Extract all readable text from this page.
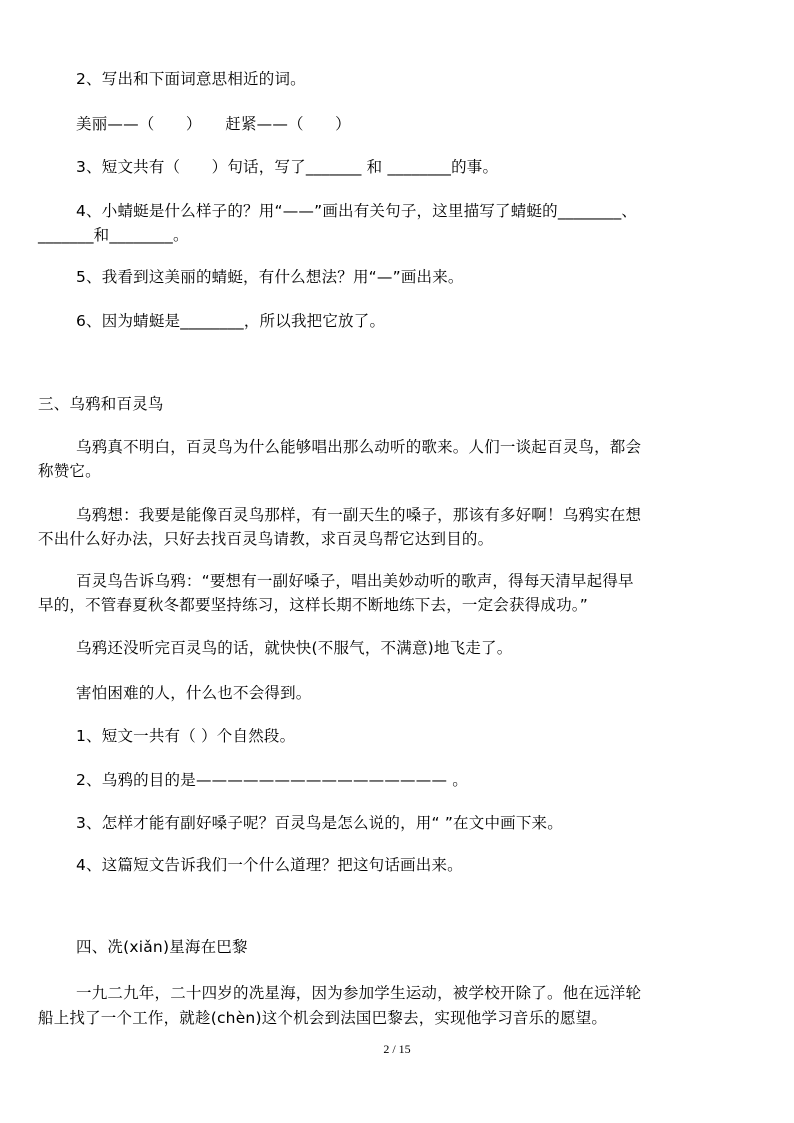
2、写出和下面词意思相近的词。
美丽——（　　）　　赶紧——（　　）
3、短文共有（　　）句话，写了_______ 和 ________的事。
4、小蜻蜓是什么样子的？用“——”画出有关句子，这里描写了蜻蜓的________、
_______和________。
5、我看到这美丽的蜻蜓，有什么想法？用“—”画出来。
6、因为蜻蜓是________，所以我把它放了。
三、乌鸦和百灵鸟
乌鸦真不明白，百灵鸟为什么能够唱出那么动听的歌来。人们一谈起百灵鸟，都会
称赞它。
乌鸦想：我要是能像百灵鸟那样，有一副天生的嗓子，那该有多好啊！乌鸦实在想
不出什么好办法，只好去找百灵鸟请教，求百灵鸟帮它达到目的。
百灵鸟告诉乌鸦：“要想有一副好嗓子，唱出美妙动听的歌声，得每天清早起得早
早的，不管春夏秋冬都要坚持练习，这样长期不断地练下去，一定会获得成功。”
乌鸦还没听完百灵鸟的话，就快快(不服气，不满意)地飞走了。
害怕困难的人，什么也不会得到。
1、短文一共有（ ）个自然段。
2、乌鸦的目的是———————————————— 。
3、怎样才能有副好嗓子呢？百灵鸟是怎么说的，用“ ”在文中画下来。
4、这篇短文告诉我们一个什么道理？把这句话画出来。
四、冼(xiǎn)星海在巴黎
一九二九年，二十四岁的冼星海，因为参加学生运动，被学校开除了。他在远洋轮
船上找了一个工作，就趁(chèn)这个机会到法国巴黎去，实现他学习音乐的愿望。
2 / 15
